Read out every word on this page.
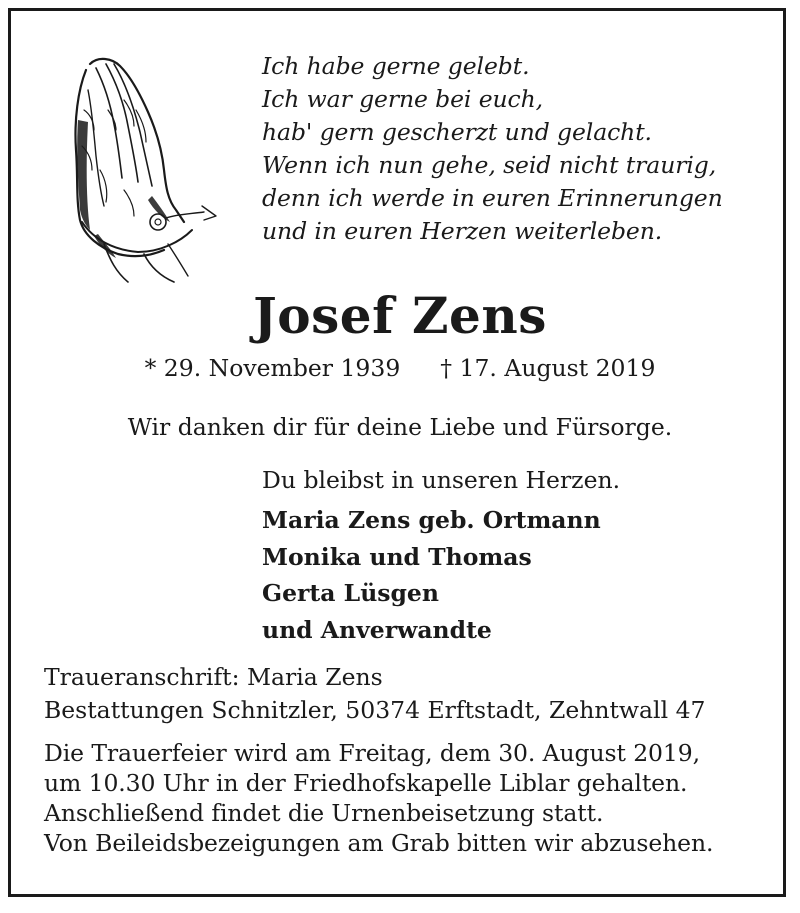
Ich habe gerne gelebt.
Ich war gerne bei euch,
hab' gern gescherzt und gelacht.
Wenn ich nun gehe, seid nicht traurig,
denn ich werde in euren Erinnerungen
und in euren Herzen weiterleben.
Josef Zens
* 29. November 1939 † 17. August 2019
Wir danken dir für deine Liebe und Fürsorge.
Du bleibst in unseren Herzen.
Maria Zens geb. Ortmann
Monika und Thomas
Gerta Lüsgen
und Anverwandte
Traueranschrift: Maria Zens
Bestattungen Schnitzler, 50374 Erftstadt, Zehntwall 47
Die Trauerfeier wird am Freitag, dem 30. August 2019,
um 10.30 Uhr in der Friedhofskapelle Liblar gehalten.
Anschließend findet die Urnenbeisetzung statt.
Von Beileidsbezeigungen am Grab bitten wir abzusehen.
